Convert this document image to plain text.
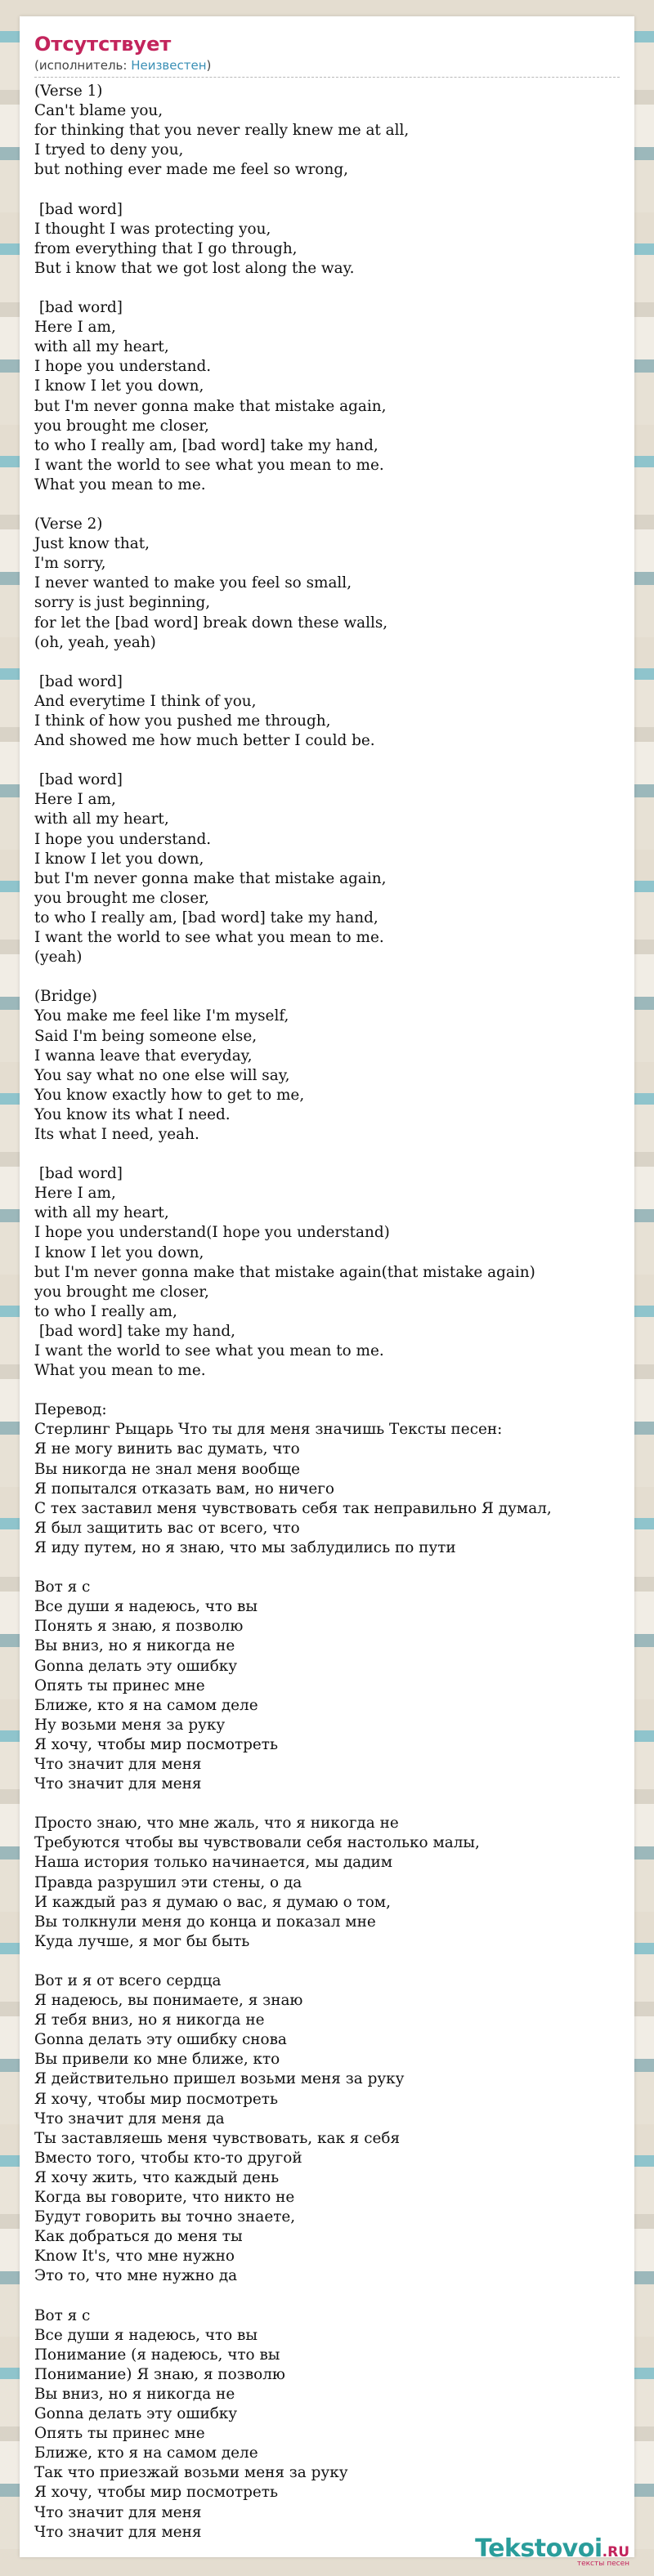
Отсутствует
(исполнитель: Неизвестен)
(Verse 1)
Can't blame you,
for thinking that you never really knew me at all,
I tryed to deny you,
but nothing ever made me feel so wrong,

[bad word]
I thought I was protecting you,
from everything that I go through,
But i know that we got lost along the way.

[bad word]
Here I am,
with all my heart,
I hope you understand.
I know I let you down,
but I'm never gonna make that mistake again,
you brought me closer,
to who I really am, [bad word] take my hand,
I want the world to see what you mean to me.
What you mean to me.

(Verse 2)
Just know that,
I'm sorry,
I never wanted to make you feel so small,
sorry is just beginning,
for let the [bad word] break down these walls,
(oh, yeah, yeah)

[bad word]
And everytime I think of you,
I think of how you pushed me through,
And showed me how much better I could be.

[bad word]
Here I am,
with all my heart,
I hope you understand.
I know I let you down,
but I'm never gonna make that mistake again,
you brought me closer,
to who I really am, [bad word] take my hand,
I want the world to see what you mean to me.
(yeah)

(Bridge)
You make me feel like I'm myself,
Said I'm being someone else,
I wanna leave that everyday,
You say what no one else will say,
You know exactly how to get to me,
You know its what I need.
Its what I need, yeah.

[bad word]
Here I am,
with all my heart,
I hope you understand(I hope you understand)
I know I let you down,
but I'm never gonna make that mistake again(that mistake again)
you brought me closer,
to who I really am,
[bad word] take my hand,
I want the world to see what you mean to me.
What you mean to me.

Перевод:
Стерлинг Рыцарь Что ты для меня значишь Тексты песен:
Я не могу винить вас думать, что
Вы никогда не знал меня вообще
Я попытался отказать вам, но ничего
С тех заставил меня чувствовать себя так неправильно Я думал,
Я был защитить вас от всего, что
Я иду путем, но я знаю, что мы заблудились по пути

Вот я с
Все души я надеюсь, что вы
Понять я знаю, я позволю
Вы вниз, но я никогда не
Gonna делать эту ошибку
Опять ты принес мне
Ближе, кто я на самом деле
Ну возьми меня за руку
Я хочу, чтобы мир посмотреть
Что значит для меня
Что значит для меня

Просто знаю, что мне жаль, что я никогда не
Требуются чтобы вы чувствовали себя настолько малы,
Наша история только начинается, мы дадим
Правда разрушил эти стены, о да
И каждый раз я думаю о вас, я думаю о том,
Вы толкнули меня до конца и показал мне
Куда лучше, я мог бы быть

Вот и я от всего сердца
Я надеюсь, вы понимаете, я знаю
Я тебя вниз, но я никогда не
Gonna делать эту ошибку снова
Вы привели ко мне ближе, кто
Я действительно пришел возьми меня за руку
Я хочу, чтобы мир посмотреть
Что значит для меня да
Ты заставляешь меня чувствовать, как я себя
Вместо того, чтобы кто-то другой
Я хочу жить, что каждый день
Когда вы говорите, что никто не
Будут говорить вы точно знаете,
Как добраться до меня ты
Know It's, что мне нужно
Это то, что мне нужно да

Вот я с
Все души я надеюсь, что вы
Понимание (я надеюсь, что вы
Понимание) Я знаю, я позволю
Вы вниз, но я никогда не
Gonna делать эту ошибку
Опять ты принес мне
Ближе, кто я на самом деле
Так что приезжай возьми меня за руку
Я хочу, чтобы мир посмотреть
Что значит для меня
Что значит для меня
Tekstovoi.RU
тексты песен
